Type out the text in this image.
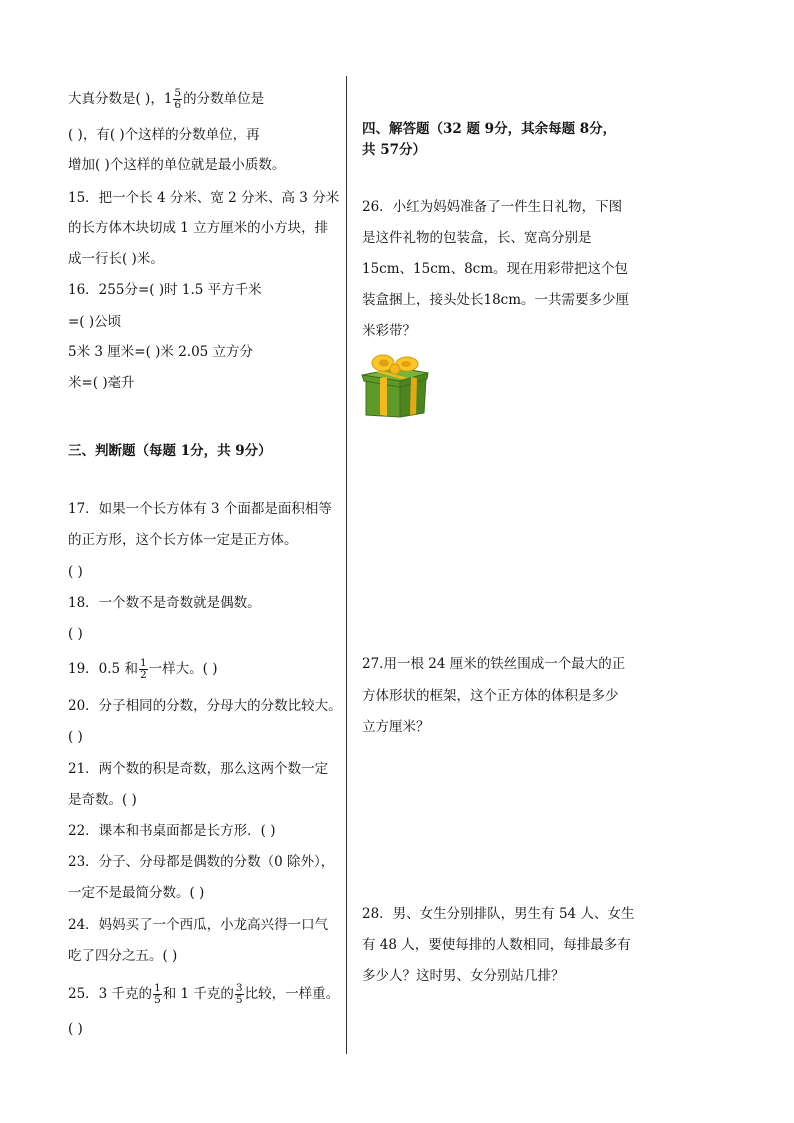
大真分数是( )，$1 \frac{5}{6}$ 的分数单位是
( )，有( )个这样的分数单位，再
增加( )个这样的单位就是最小质数。
15．把一个长 4 分米、宽 2 分米、高 3 分米
的长方体木块切成 1 立方厘米的小方块，排
成一行长( )米。
16．255分=( )时 1.5 平方千米
=( )公顷
5米 3 厘米=( )米 2.05 立方分
米=( )毫升
三、判断题（每题 1分，共 9分）
17．如果一个长方体有 3 个面都是面积相等
的正方形，这个长方体一定是正方体。
( )
18．一个数不是奇数就是偶数。
( )
19．0.5 和 $\frac{1}{2}$ 一样大。( )
20．分子相同的分数，分母大的分数比较大。
( )
21．两个数的积是奇数，那么这两个数一定
是奇数。( )
22．课本和书桌面都是长方形．( )
23．分子、分母都是偶数的分数（0 除外），
一定不是最简分数。( )
24．妈妈买了一个西瓜，小龙高兴得一口气
吃了四分之五。( )
25．3 千克的 $\frac{1}{5}$ 和 1 千克的 $\frac{3}{5}$ 比较，一样重。
( )
四、解答题（32 题 9分，其余每题 8分，
共 57分）
26．小红为妈妈准备了一件生日礼物，下图
是这件礼物的包装盒，长、宽高分别是
15cm、15cm、8cm。现在用彩带把这个包
装盒捆上，接头处长18cm。一共需要多少厘
米彩带？
27.用一根 24 厘米的铁丝围成一个最大的正
方体形状的框架，这个正方体的体积是多少
立方厘米？
28．男、女生分别排队，男生有 54 人、女生
有 48 人，要使每排的人数相同，每排最多有
多少人？这时男、女分别站几排？
